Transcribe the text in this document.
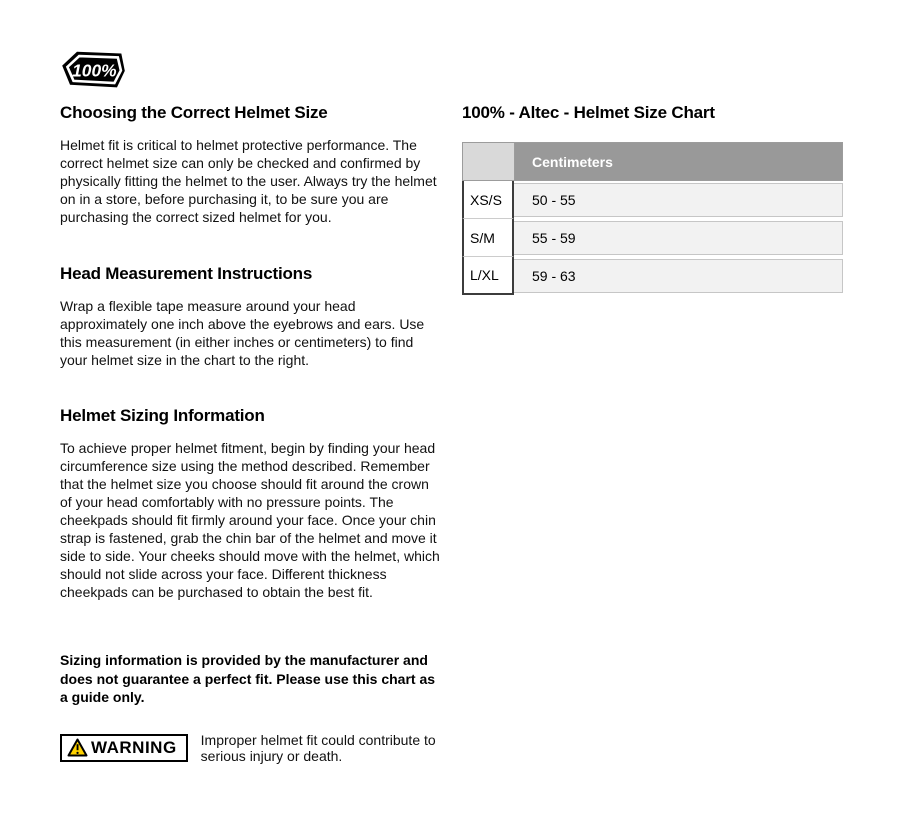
100%
Choosing the Correct Helmet Size

Helmet fit is critical to helmet protective performance. The correct helmet size can only be checked and confirmed by physically fitting the helmet to the user. Always try the helmet on in a store, before purchasing it, to be sure you are purchasing the correct sized helmet for you.

Head Measurement Instructions

Wrap a flexible tape measure around your head approximately one inch above the eyebrows and ears. Use this measurement (in either inches or centimeters) to find your helmet size in the chart to the right.

Helmet Sizing Information

To achieve proper helmet fitment, begin by finding your head circumference size using the method described. Remember that the helmet size you choose should fit around the crown of your head comfortably with no pressure points. The cheekpads should fit firmly around your face. Once your chin strap is fastened, grab the chin bar of the helmet and move it side to side. Your cheeks should move with the helmet, which should not slide across your face. Different thickness cheekpads can be purchased to obtain the best fit.

Sizing information is provided by the manufacturer and does not guarantee a perfect fit. Please use this chart as a guide only.

WARNING Improper helmet fit could contribute to serious injury or death.
100% - Altec - Helmet Size Chart
Centimeters
XS/S	50 - 55
S/M	55 - 59
L/XL	59 - 63
